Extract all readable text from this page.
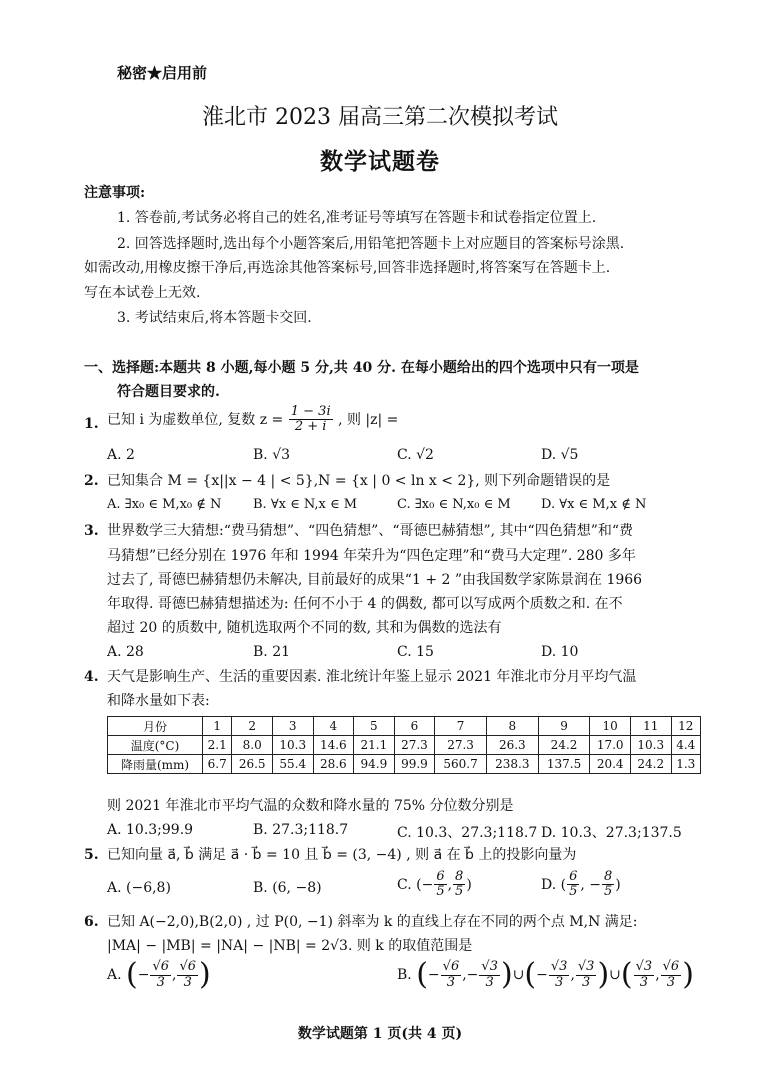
秘密★启用前
淮北市 2023 届高三第二次模拟考试
数学试题卷
注意事项:
1. 答卷前,考试务必将自己的姓名,准考证号等填写在答题卡和试卷指定位置上.
2. 回答选择题时,选出每个小题答案后,用铅笔把答题卡上对应题目的答案标号涂黑.
如需改动,用橡皮擦干净后,再选涂其他答案标号,回答非选择题时,将答案写在答题卡上.
写在本试卷上无效.
3. 考试结束后,将本答题卡交回.
一、选择题:本题共 8 小题,每小题 5 分,共 40 分. 在每小题给出的四个选项中只有一项是
符合题目要求的.
1. 已知 i 为虚数单位, 复数 $z = \frac{1 - 3i}{2 + i}$ , 则 |z| =
A. 2	B. √3	C. √2	D. √5
2. 已知集合 M = {x||x − 4 | < 5},N = {x | 0 < ln x < 2}, 则下列命题错误的是
A. ∃x₀ ∈ M,x₀ ∉ N B. ∀x ∈ N,x ∈ M	C. ∃x₀ ∈ N,x₀ ∈ M D. ∀x ∈ M,x ∉ N
3. 世界数学三大猜想:“费马猜想”、“四色猜想”、“哥德巴赫猜想”, 其中“四色猜想”和“费
马猜想”已经分别在 1976 年和 1994 年荣升为“四色定理”和“费马大定理”. 280 多年
过去了, 哥德巴赫猜想仍未解决, 目前最好的成果“1 + 2 ”由我国数学家陈景润在 1966
年取得. 哥德巴赫猜想描述为: 任何不小于 4 的偶数, 都可以写成两个质数之和. 在不
超过 20 的质数中, 随机选取两个不同的数, 其和为偶数的选法有
A. 28	B. 21	C. 15	D. 10
4. 天气是影响生产、生活的重要因素. 淮北统计年鉴上显示 2021 年淮北市分月平均气温
和降水量如下表:
月份	1	2	3	4	5	6	7	8	9	10	11	12
温度(°C)	2.1	8.0	10.3	14.6	21.1	27.3	27.3	26.3	24.2	17.0	10.3	4.4
降雨量(mm)	6.7	26.5	55.4	28.6	94.9	99.9	560.7	238.3	137.5	20.4	24.2	1.3
则 2021 年淮北市平均气温的众数和降水量的 75% 分位数分别是
A. 10.3;99.9	B. 27.3;118.7	C. 10.3、27.3;118.7 D. 10.3、27.3;137.5
5. 已知向量 a⃗, b⃗ 满足 a⃗ · b⃗ = 10 且 b⃗ = (3, −4) , 则 a⃗ 在 b⃗ 上的投影向量为
A. (−6,8)	B. (6, −8)	C. (− $\frac{6}{5}$ , $\frac{8}{5}$ )	D. ( $\frac{6}{5}$ , − $\frac{8}{5}$ )
6. 已知 A(−2,0),B(2,0) , 过 P(0, −1) 斜率为 k 的直线上存在不同的两个点 M,N 满足:
|MA| − |MB| = |NA| − |NB| = 2√3. 则 k 的取值范围是
A. (− $\frac{√6}{3}$ , $\frac{√6}{3}$ )	B. (− $\frac{√6}{3}$ ,− $\frac{√3}{3}$ )∪(− $\frac{√3}{3}$ , $\frac{√3}{3}$ )∪( $\frac{√3}{3}$ , $\frac{√6}{3}$ )
数学试题第 1 页(共 4 页)
